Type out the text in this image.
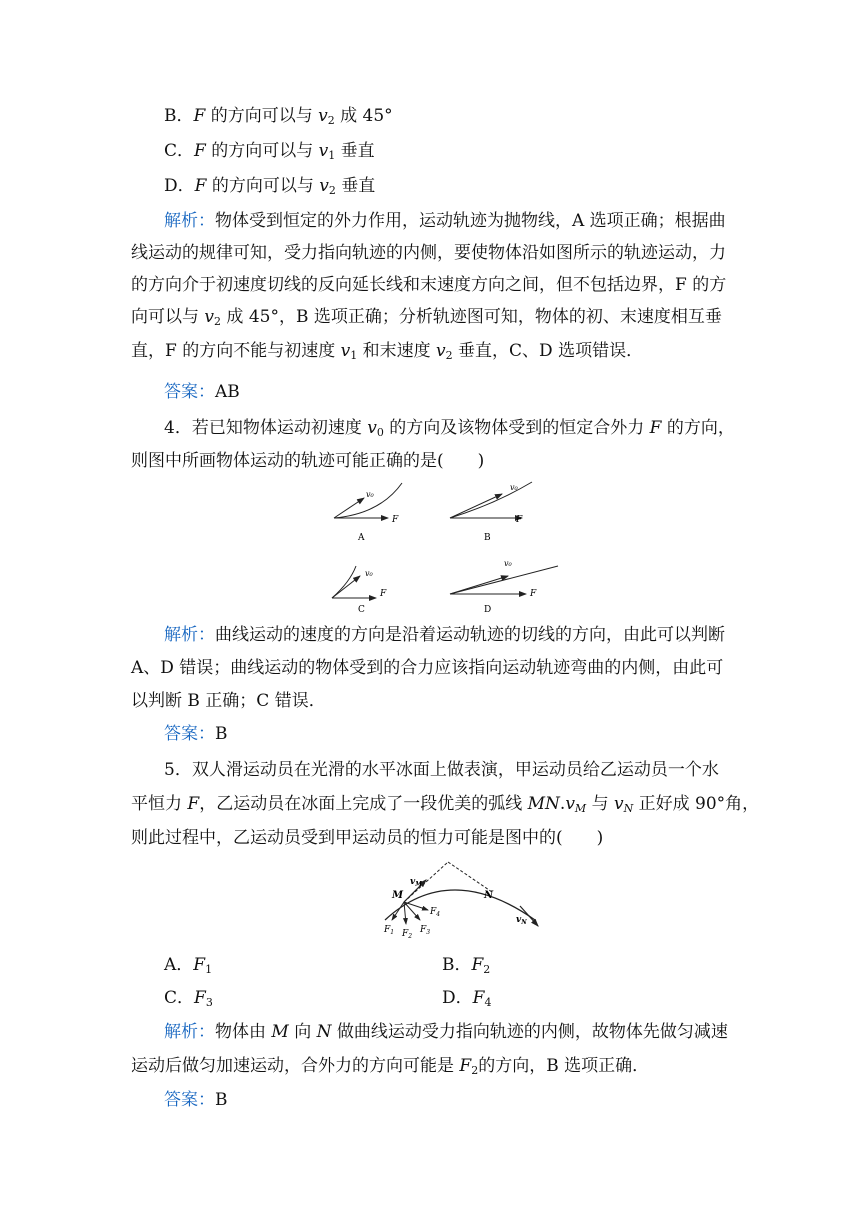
B．F 的方向可以与 $v_2$ 成 45°
C．F 的方向可以与 $v_1$ 垂直
D．F 的方向可以与 $v_2$ 垂直
解析：物体受到恒定的外力作用，运动轨迹为抛物线，A 选项正确；根据曲
线运动的规律可知，受力指向轨迹的内侧，要使物体沿如图所示的轨迹运动，力
的方向介于初速度切线的反向延长线和末速度方向之间，但不包括边界，F 的方
向可以与 $v_2$ 成 45°，B 选项正确；分析轨迹图可知，物体的初、末速度相互垂
直，F 的方向不能与初速度 $v_1$ 和末速度 $v_2$ 垂直，C、D 选项错误．
答案：AB
4．若已知物体运动初速度 $v_0$ 的方向及该物体受到的恒定合外力 F 的方向，
则图中所画物体运动的轨迹可能正确的是(　　)
F
v₀
A
F
v₀
B
F
v₀
C
F
v₀
D
解析：曲线运动的速度的方向是沿着运动轨迹的切线的方向，由此可以判断
A、D 错误；曲线运动的物体受到的合力应该指向运动轨迹弯曲的内侧，由此可
以判断 B 正确；C 错误．
答案：B
5．双人滑运动员在光滑的水平冰面上做表演，甲运动员给乙运动员一个水
平恒力 F，乙运动员在冰面上完成了一段优美的弧线 $MN.v_M$ 与 $v_N$ 正好成 90°角，
则此过程中，乙运动员受到甲运动员的恒力可能是图中的(　　)
M	N
$v_M$
$v_N$
$F_1$ $F_2$
$F_3$
$F_4$
A．$F_1$	B．$F_2$
C．$F_3$	D．$F_4$
解析：物体由 M 向 N 做曲线运动受力指向轨迹的内侧，故物体先做匀减速
运动后做匀加速运动，合外力的方向可能是 $F_2$的方向，B 选项正确．
答案：B
